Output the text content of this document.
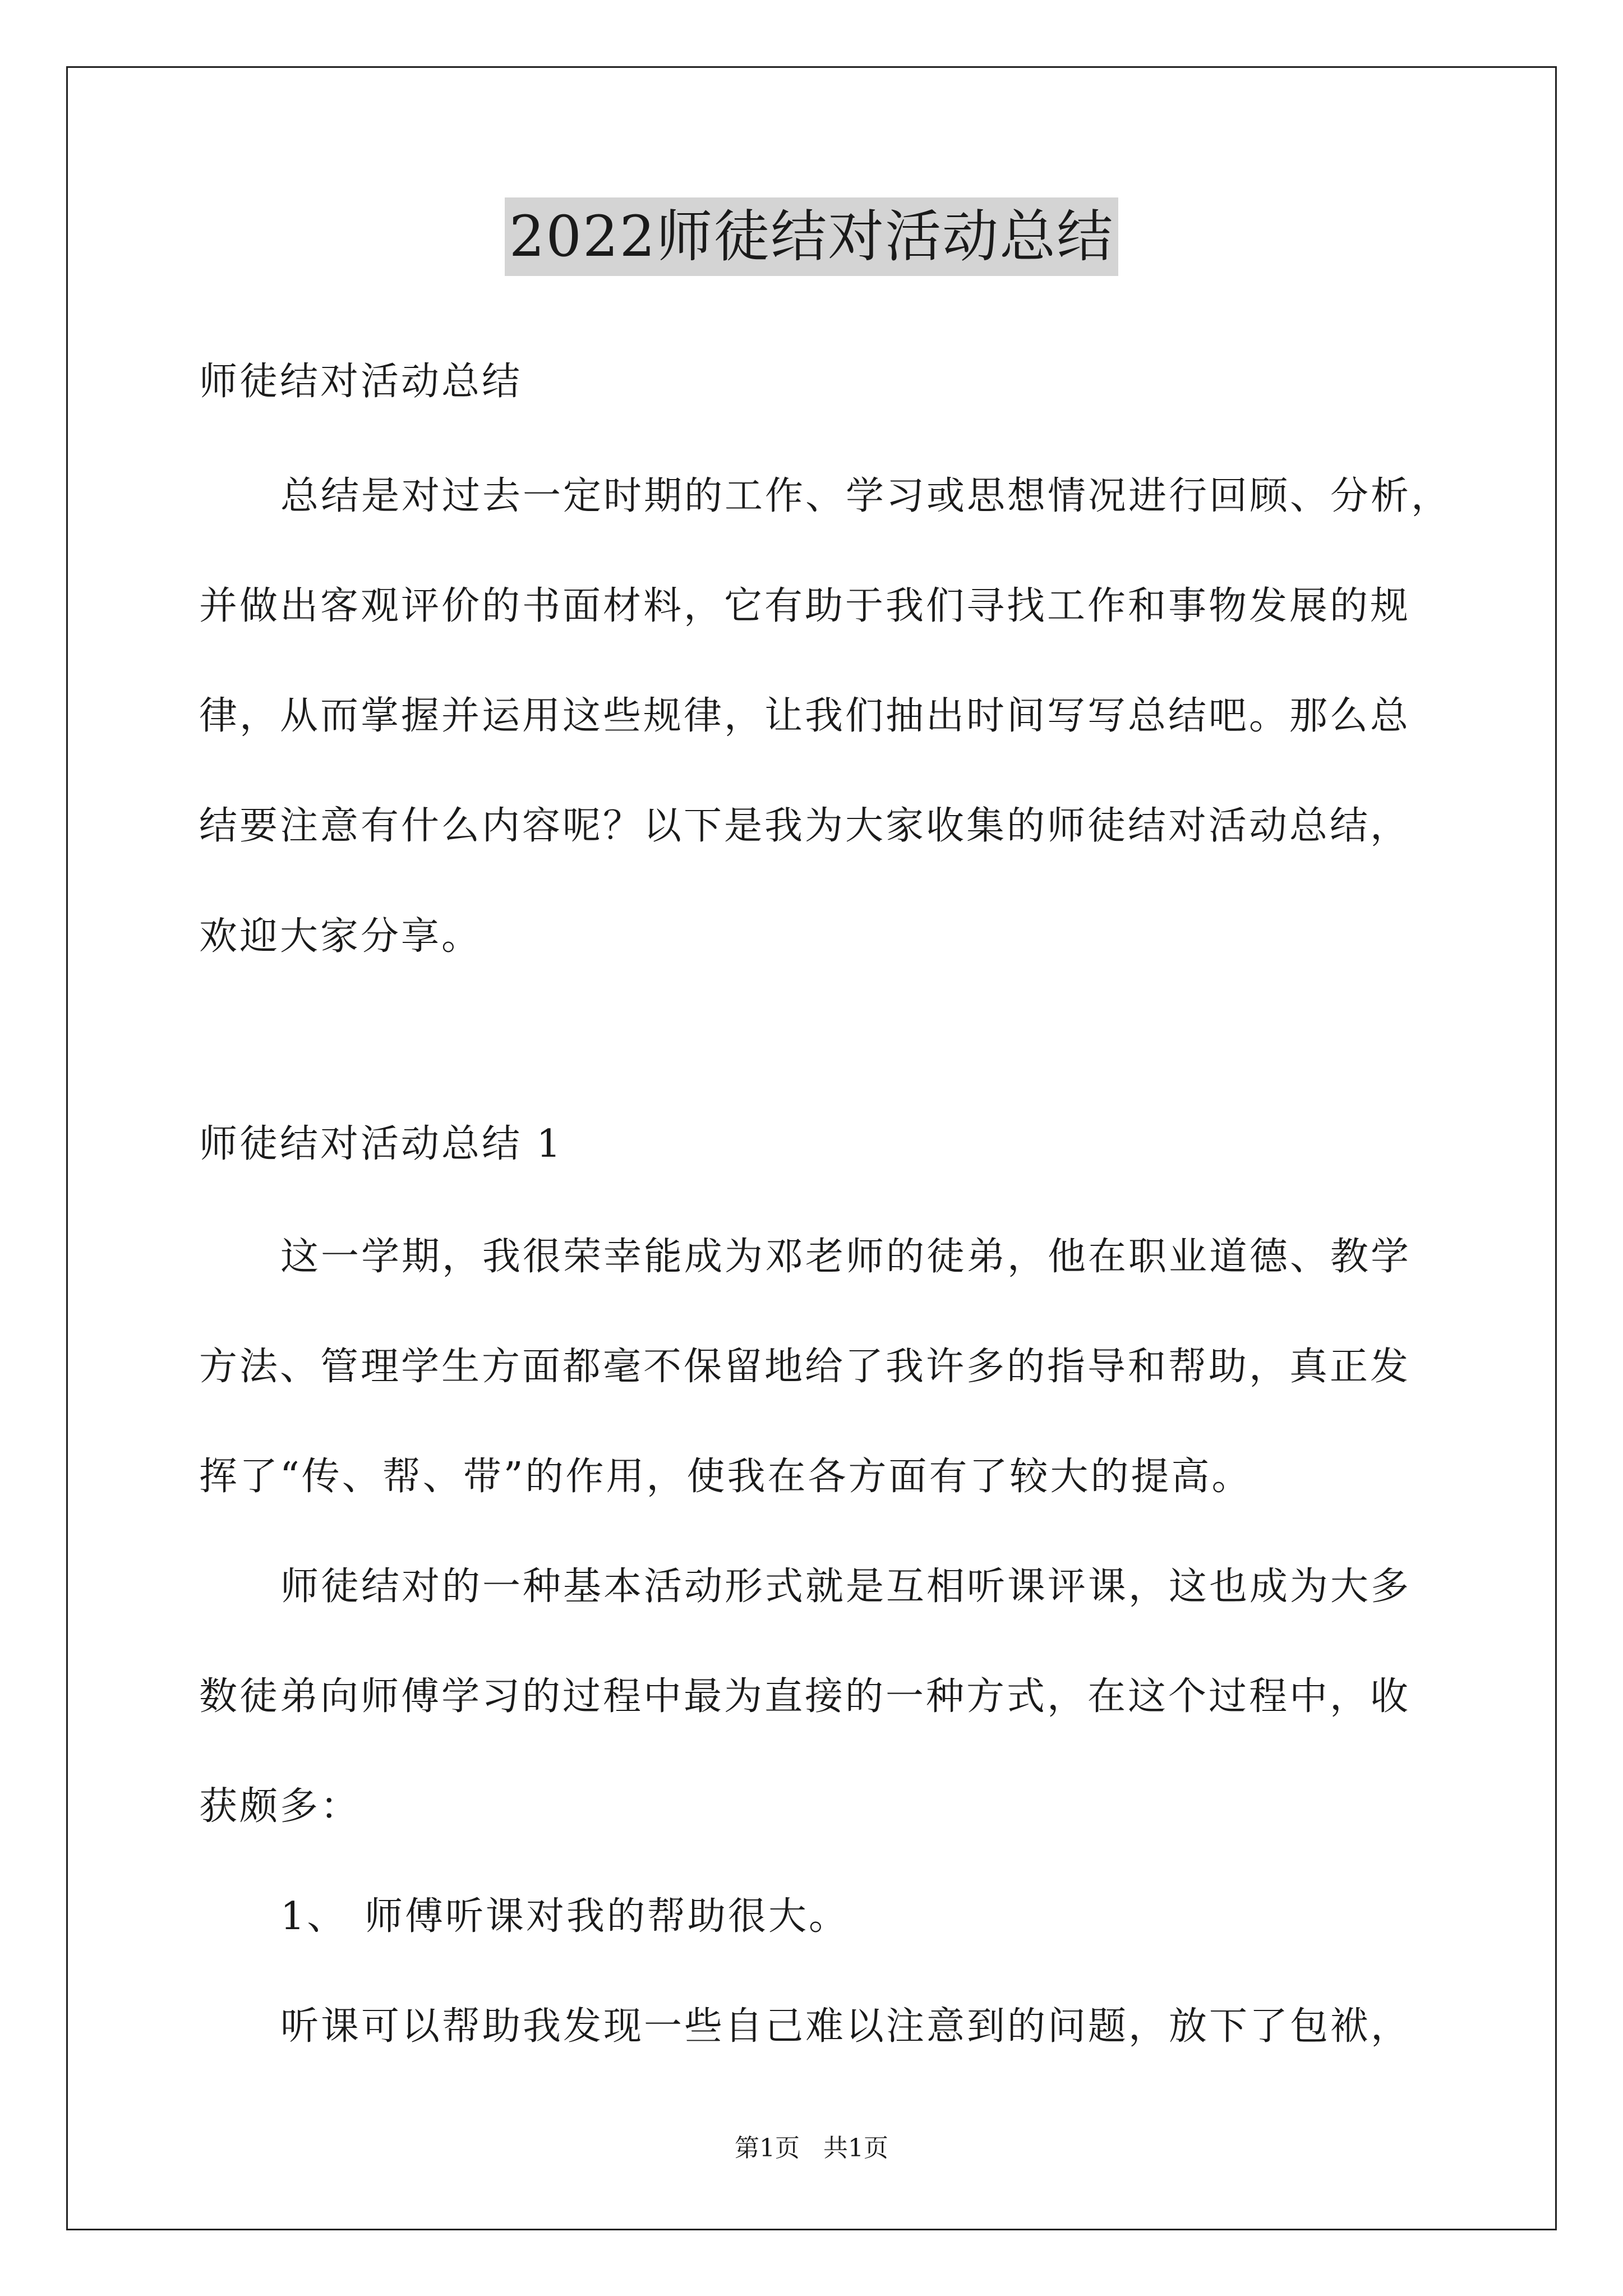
2022师徒结对活动总结
师徒结对活动总结
总结是对过去一定时期的工作、学习或思想情况进行回顾、分析，
并做出客观评价的书面材料，它有助于我们寻找工作和事物发展的规
律，从而掌握并运用这些规律，让我们抽出时间写写总结吧。那么总
结要注意有什么内容呢？以下是我为大家收集的师徒结对活动总结，
欢迎大家分享。
师徒结对活动总结 1
这一学期，我很荣幸能成为邓老师的徒弟，他在职业道德、教学
方法、管理学生方面都毫不保留地给了我许多的指导和帮助，真正发
挥了“传、帮、带”的作用，使我在各方面有了较大的提高。
师徒结对的一种基本活动形式就是互相听课评课，这也成为大多
数徒弟向师傅学习的过程中最为直接的一种方式，在这个过程中，收
获颇多：
1、 师傅听课对我的帮助很大。
听课可以帮助我发现一些自己难以注意到的问题，放下了包袱，
第1页 共1页
